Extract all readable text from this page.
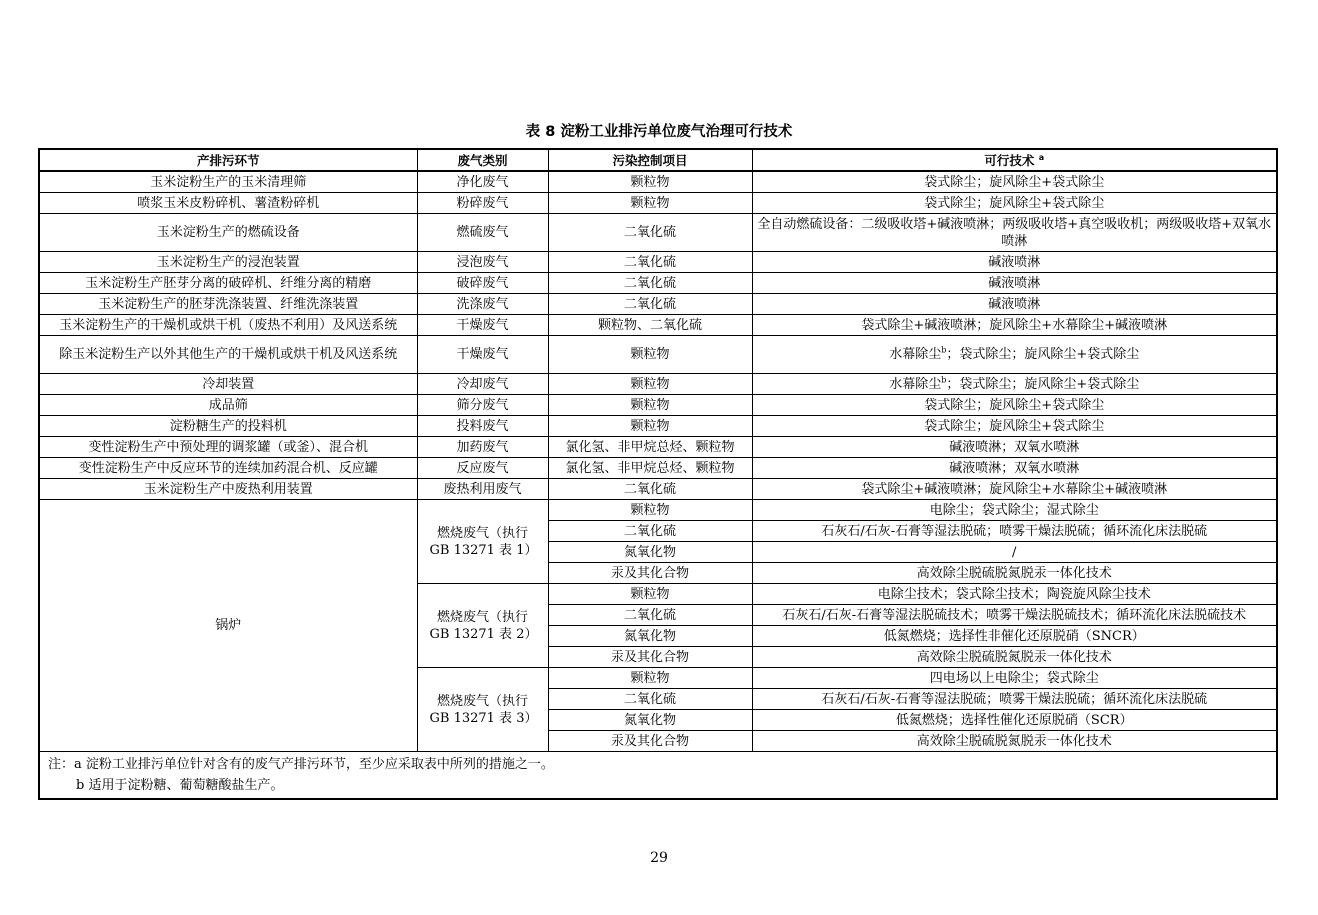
表 8 淀粉工业排污单位废气治理可行技术
产排污环节	废气类别	污染控制项目	可行技术 $^a$
玉米淀粉生产的玉米清理筛	净化废气	颗粒物	袋式除尘；旋风除尘+袋式除尘
喷浆玉米皮粉碎机、薯渣粉碎机	粉碎废气	颗粒物	袋式除尘；旋风除尘+袋式除尘
玉米淀粉生产的燃硫设备	燃硫废气	二氧化硫	全自动燃硫设备：二级吸收塔+碱液喷淋；两级吸收塔+真空吸收机；两级吸收塔+双氧水喷淋
玉米淀粉生产的浸泡装置	浸泡废气	二氧化硫	碱液喷淋
玉米淀粉生产胚芽分离的破碎机、纤维分离的精磨	破碎废气	二氧化硫	碱液喷淋
玉米淀粉生产的胚芽洗涤装置、纤维洗涤装置	洗涤废气	二氧化硫	碱液喷淋
玉米淀粉生产的干燥机或烘干机（废热不利用）及风送系统	干燥废气	颗粒物、二氧化硫	袋式除尘+碱液喷淋；旋风除尘+水幕除尘+碱液喷淋
除玉米淀粉生产以外其他生产的干燥机或烘干机及风送系统	干燥废气	颗粒物	水幕除尘$^b$；袋式除尘；旋风除尘+袋式除尘
冷却装置	冷却废气	颗粒物	水幕除尘$^b$；袋式除尘；旋风除尘+袋式除尘
成品筛	筛分废气	颗粒物	袋式除尘；旋风除尘+袋式除尘
淀粉糖生产的投料机	投料废气	颗粒物	袋式除尘；旋风除尘+袋式除尘
变性淀粉生产中预处理的调浆罐（或釜）、混合机	加药废气	氯化氢、非甲烷总烃、颗粒物	碱液喷淋；双氧水喷淋
变性淀粉生产中反应环节的连续加药混合机、反应罐	反应废气	氯化氢、非甲烷总烃、颗粒物	碱液喷淋；双氧水喷淋
玉米淀粉生产中废热利用装置	废热利用废气	二氧化硫	袋式除尘+碱液喷淋；旋风除尘+水幕除尘+碱液喷淋
锅炉	燃烧废气（执行 GB 13271 表 1）	颗粒物	电除尘；袋式除尘；湿式除尘
		二氧化硫	石灰石/石灰-石膏等湿法脱硫；喷雾干燥法脱硫；循环流化床法脱硫
		氮氧化物	/
		汞及其化合物	高效除尘脱硫脱氮脱汞一体化技术
	燃烧废气（执行 GB 13271 表 2）	颗粒物	电除尘技术；袋式除尘技术；陶瓷旋风除尘技术
		二氧化硫	石灰石/石灰-石膏等湿法脱硫技术；喷雾干燥法脱硫技术；循环流化床法脱硫技术
		氮氧化物	低氮燃烧；选择性非催化还原脱硝（SNCR）
		汞及其化合物	高效除尘脱硫脱氮脱汞一体化技术
	燃烧废气（执行 GB 13271 表 3）	颗粒物	四电场以上电除尘；袋式除尘
		二氧化硫	石灰石/石灰-石膏等湿法脱硫；喷雾干燥法脱硫；循环流化床法脱硫
		氮氧化物	低氮燃烧；选择性催化还原脱硝（SCR）
		汞及其化合物	高效除尘脱硫脱氮脱汞一体化技术

注：a 淀粉工业排污单位针对含有的废气产排污环节，至少应采取表中所列的措施之一。
b 适用于淀粉糖、葡萄糖酸盐生产。			
29
